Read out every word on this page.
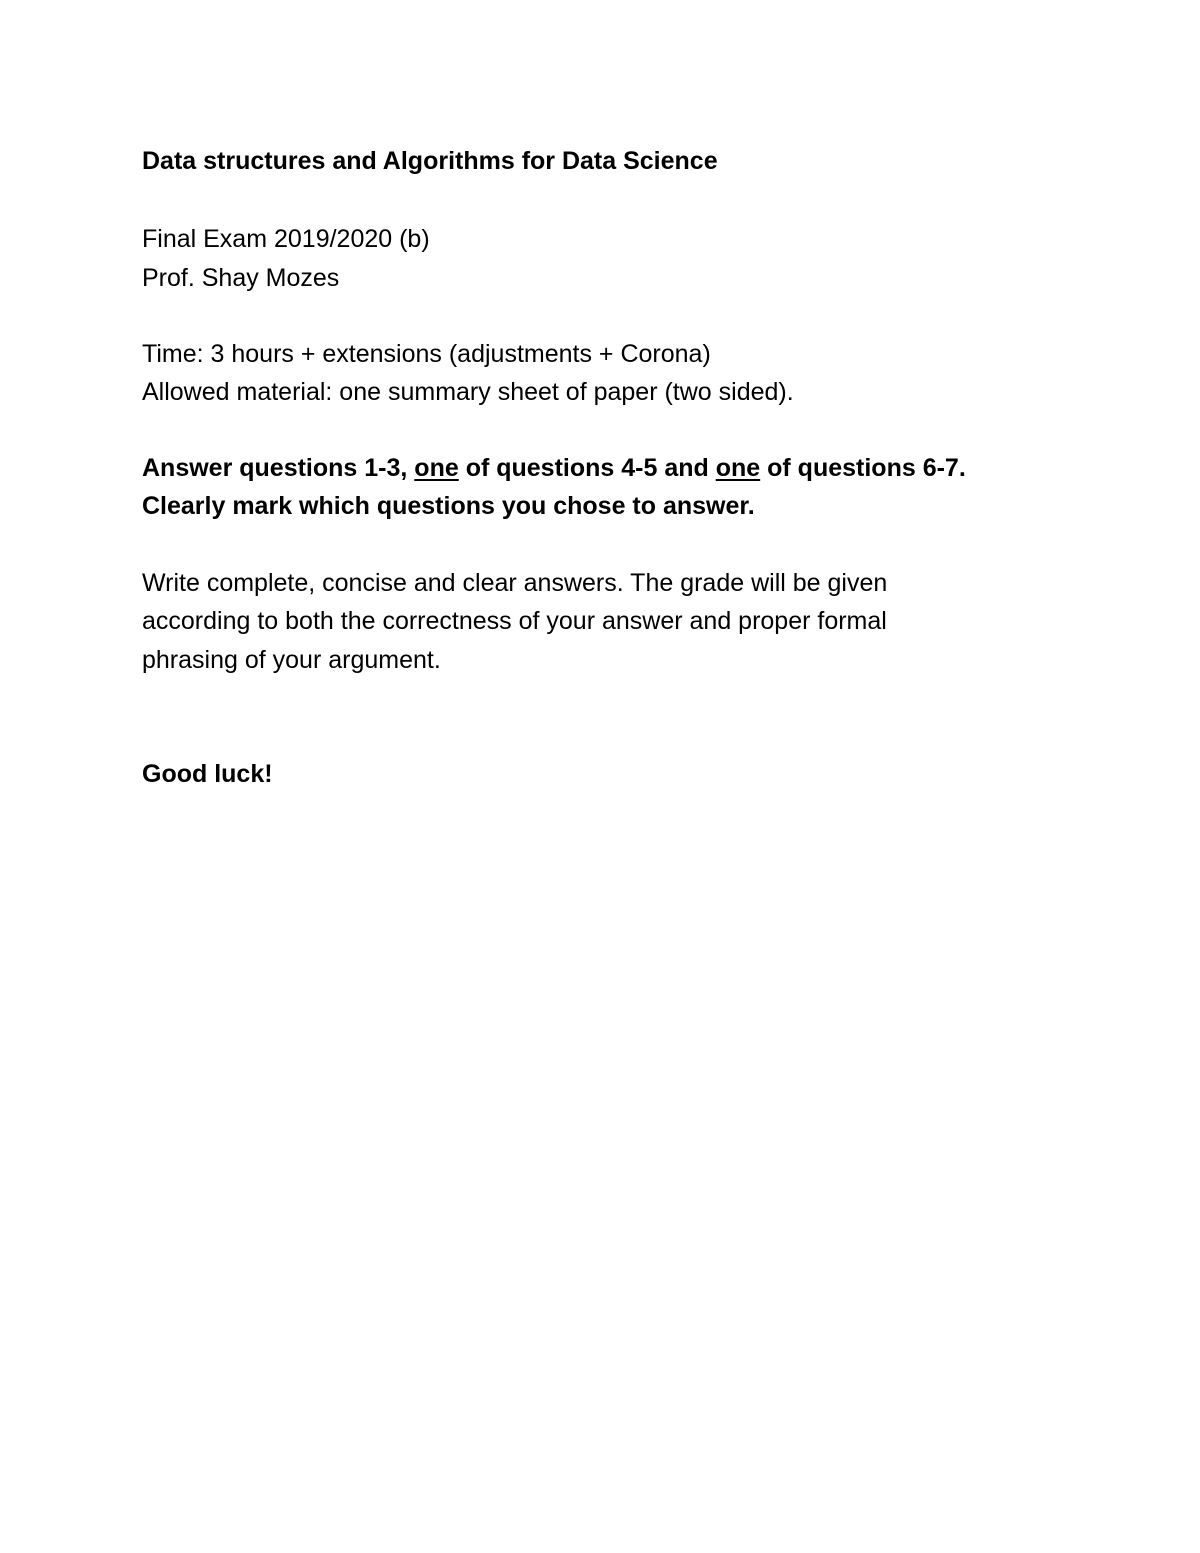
Data structures and Algorithms for Data Science
Final Exam 2019/2020 (b)
Prof. Shay Mozes
Time: 3 hours + extensions (adjustments + Corona)
Allowed material: one summary sheet of paper (two sided).
Answer questions 1-3, one of questions 4-5 and one of questions 6-7.
Clearly mark which questions you chose to answer.
Write complete, concise and clear answers. The grade will be given
according to both the correctness of your answer and proper formal
phrasing of your argument.
Good luck!
